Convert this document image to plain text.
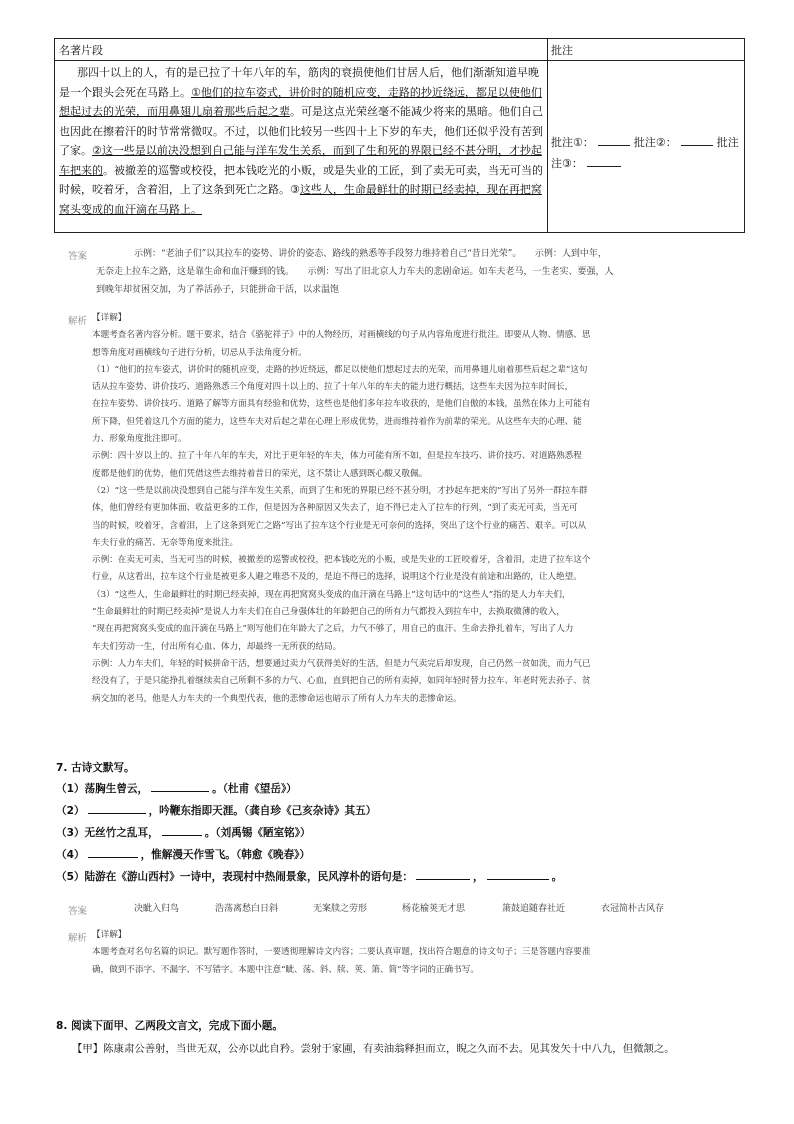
名著片段	批注
那四十以上的人，有的是已拉了十年八年的车，筋肉的衰损使他们甘居人后，他们渐渐知道早晚
是一个跟头会死在马路上。①他们的拉车姿式，讲价时的随机应变，走路的抄近绕远，都足以使他们
想起过去的光荣，而用鼻翅儿扇着那些后起之辈。可是这点光荣丝毫不能减少将来的黑暗。他们自己
也因此在擦着汗的时节常常微叹。不过，以他们比较另一些四十上下岁的车夫，他们还似乎没有苦到
了家。②这一些是以前决没想到自己能与洋车发生关系，而到了生和死的界限已经不甚分明，才抄起
车把来的。被撤差的巡警或校役，把本钱吃光的小贩，或是失业的工匠，到了卖无可卖，当无可当的
时候，咬着牙，含着泪，上了这条到死亡之路。③这些人，生命最鲜壮的时期已经卖掉，现在再把窝
窝头变成的血汗滴在马路上。
批注①：	批注②：	批注
注③：
答案	示例：“老油子们”以其拉车的姿势、讲价的姿态、路线的熟悉等手段努力维持着自己“昔日光荣”。　　示例：人到中年，

无奈走上拉车之路，这是靠生命和血汗赚到的钱。　　示例：写出了旧北京人力车夫的悲剧命运。如车夫老马，一生老实、要强，人

到晚年却贫困交加，为了养活孙子，只能拼命干活，以求温饱

解析 【详解】

本题考查名著内容分析。题干要求，结合《骆驼祥子》中的人物经历，对画横线的句子从内容角度进行批注。即要从人物、情感、思

想等角度对画横线句子进行分析，切忌从手法角度分析。

（1）“他们的拉车姿式，讲价时的随机应变，走路的抄近绕远，都足以使他们想起过去的光荣，而用鼻翅儿扇着那些后起之辈”这句

话从拉车姿势、讲价技巧、道路熟悉三个角度对四十以上的、拉了十年八年的车夫的能力进行概括，这些车夫因为拉车时间长，

在拉车姿势、讲价技巧、道路了解等方面具有经验和优势，这些也是他们多年拉车收获的，是他们自傲的本钱，虽然在体力上可能有

所下降，但凭着这几个方面的能力，这些车夫对后起之辈在心理上形成优势，进而维持着作为前辈的荣光。从这些车夫的心理、能

力、形象角度批注即可。

示例：四十岁以上的、拉了十年八年的车夫，对比于更年轻的车夫，体力可能有所不如，但是拉车技巧、讲价技巧、对道路熟悉程

度都是他们的优势，他们凭借这些去维持着昔日的荣光，这不禁让人感到既心酸又敬佩。

（2）“这一些是以前决没想到自己能与洋车发生关系，而到了生和死的界限已经不甚分明，才抄起车把来的”写出了另外一群拉车群

体，他们曾经有更加体面、收益更多的工作，但是因为各种原因又失去了，迫不得已走入了拉车的行列，“到了卖无可卖，当无可

当的时候，咬着牙，含着泪，上了这条到死亡之路”写出了拉车这个行业是无可奈何的选择，突出了这个行业的痛苦、艰辛。可以从

车夫行业的痛苦、无奈等角度来批注。

示例：在卖无可卖，当无可当的时候，被撤差的巡警或校役，把本钱吃光的小贩，或是失业的工匠咬着牙，含着泪，走进了拉车这个

行业，从这看出，拉车这个行业是被更多人避之唯恐不及的，是迫不得已的选择，说明这个行业是没有前途和出路的，让人绝望。

（3）“这些人，生命最鲜壮的时期已经卖掉，现在再把窝窝头变成的血汗滴在马路上”这句话中的“这些人”指的是人力车夫们，

“生命最鲜壮的时期已经卖掉”是说人力车夫们在自己身强体壮的年龄把自己的所有力气都投入到拉车中，去换取微薄的收入，

“现在再把窝窝头变成的血汗滴在马路上”则写他们在年龄大了之后，力气不够了，用自己的血汗、生命去挣扎着车，写出了人力

车夫们劳动一生，付出所有心血、体力，却最终一无所获的结局。

示例：人力车夫们，年轻的时候拼命干活，想要通过卖力气获得美好的生活，但是力气卖完后却发现，自己仍然一贫如洗，而力气已

经没有了，于是只能挣扎着继续卖自己所剩不多的力气、心血，直到把自己的所有卖掉，如同年轻时替力拉车、年老时死去孙子、贫

病交加的老马，他是人力车夫的一个典型代表，他的悲惨命运也暗示了所有人力车夫的悲惨命运。

7. 古诗文默写。
（1）荡胸生曾云，	。（杜甫《望岳》）
（2）	，吟鞭东指即天涯。（龚自珍《己亥杂诗》其五）
（3）无丝竹之乱耳，	。（刘禹锡《陋室铭》）
（4）	，惟解漫天作雪飞。（韩愈《晚春》）
（5）陆游在《游山西村》一诗中，表现村中热闹景象，民风淳朴的语句是：	，	。
答案	决眦入归鸟	浩荡离愁白日斜	无案牍之劳形	杨花榆荚无才思	箫鼓追随春社近	衣冠简朴古风存
解析 【详解】

本题考查对名句名篇的识记。默写题作答时，一要透彻理解诗文内容；二要认真审题，找出符合题意的诗文句子；三是答题内容要准

确，做到不添字、不漏字、不写错字。本题中注意“眦、荡、斜、牍、荚、箫、简”等字词的正确书写。

8. 阅读下面甲、乙两段文言文，完成下面小题。
【甲】陈康肃公善射，当世无双，公亦以此自矜。尝射于家圃，有卖油翁释担而立，睨之久而不去。见其发矢十中八九，但微颔之。
